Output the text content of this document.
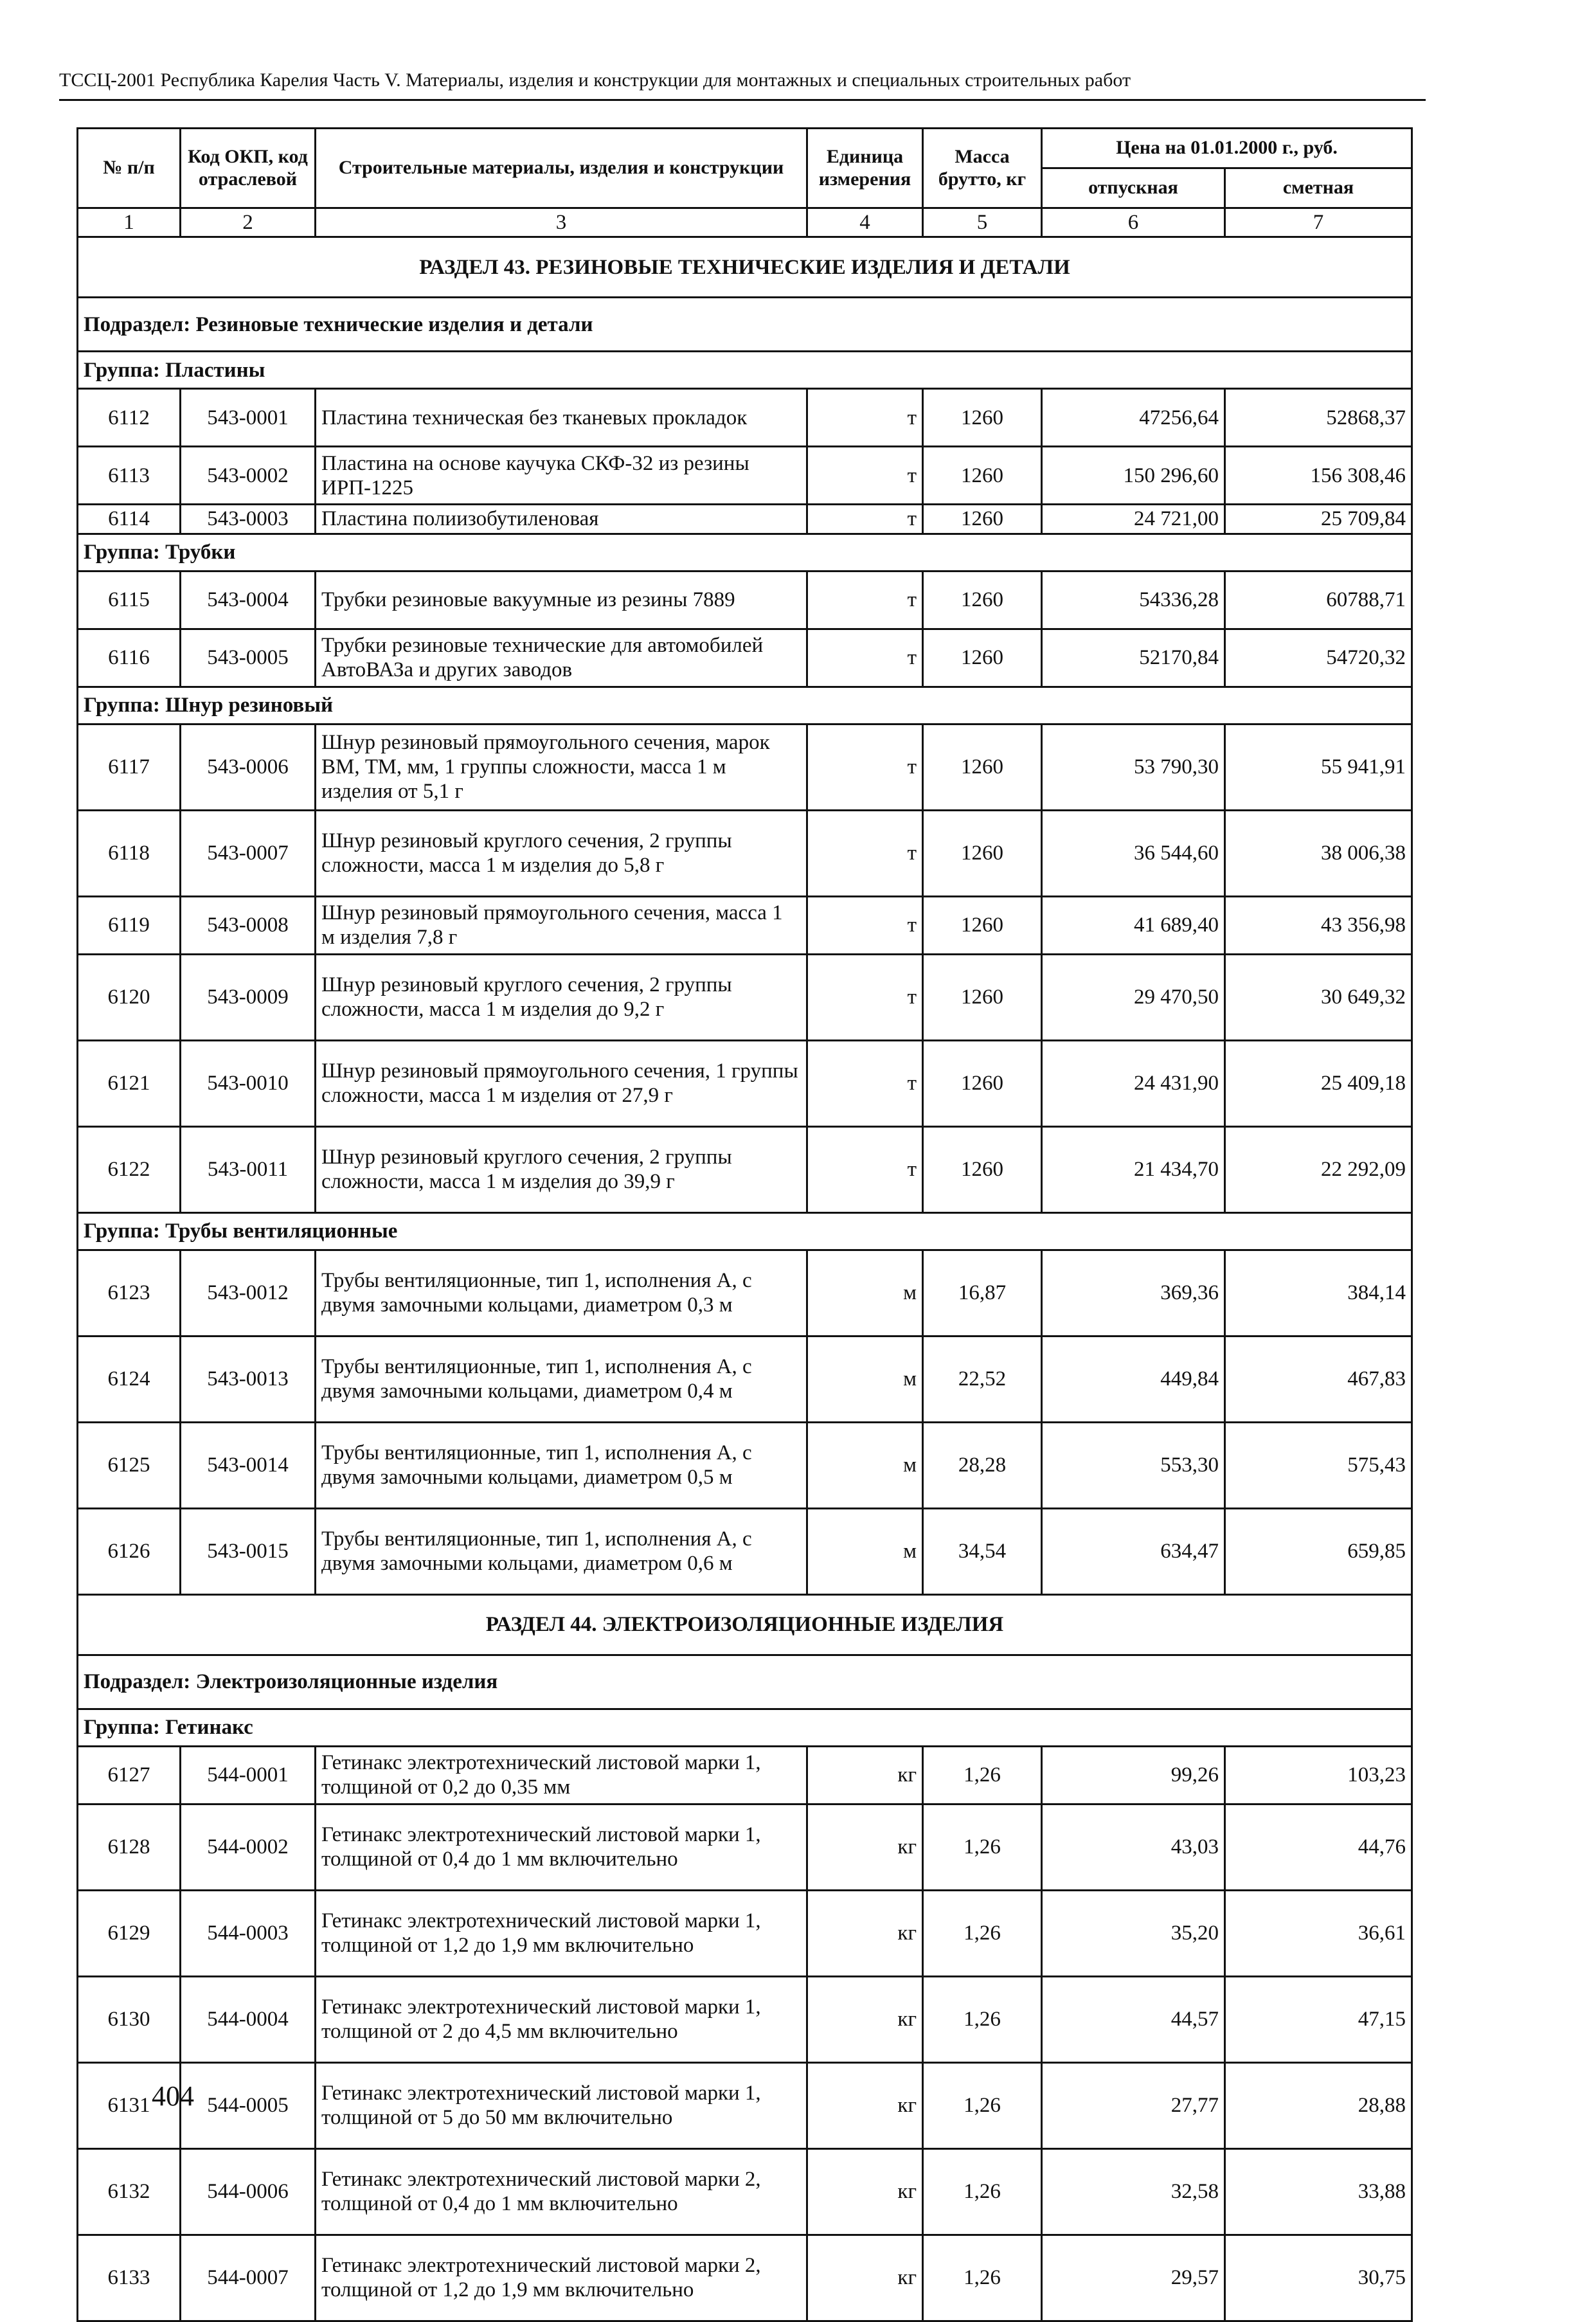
ТССЦ-2001 Республика Карелия Часть V. Материалы, изделия и конструкции для монтажных и специальных строительных работ
№ п/п	Код ОКП, код отраслевой	Строительные материалы, изделия и конструкции	Единица измерения	Масса брутто, кг	Цена на 01.01.2000 г., руб.	
					отпускная	сметная
1	2	3	4	5	6	7
РАЗДЕЛ 43. РЕЗИНОВЫЕ ТЕХНИЧЕСКИЕ ИЗДЕЛИЯ И ДЕТАЛИ						
Подраздел: Резиновые технические изделия и детали						
Группа: Пластины						
6112	543-0001	Пластина техническая без тканевых прокладок	т	1260	47256,64	52868,37
6113	543-0002	Пластина на основе каучука СКФ-32 из резины ИРП-1225	т	1260	150 296,60	156 308,46
6114	543-0003	Пластина полиизобутиленовая	т	1260	24 721,00	25 709,84
Группа: Трубки						
6115	543-0004	Трубки резиновые вакуумные из резины 7889	т	1260	54336,28	60788,71
6116	543-0005	Трубки резиновые технические для автомобилей АвтоВАЗа и других заводов	т	1260	52170,84	54720,32
Группа: Шнур резиновый						
6117	543-0006	Шнур резиновый прямоугольного сечения, марок ВМ, ТМ, мм, 1 группы сложности, масса 1 м изделия от 5,1 г	т	1260	53 790,30	55 941,91
6118	543-0007	Шнур резиновый круглого сечения, 2 группы сложности, масса 1 м изделия до 5,8 г	т	1260	36 544,60	38 006,38
6119	543-0008	Шнур резиновый прямоугольного сечения, масса 1 м изделия 7,8 г	т	1260	41 689,40	43 356,98
6120	543-0009	Шнур резиновый круглого сечения, 2 группы сложности, масса 1 м изделия до 9,2 г	т	1260	29 470,50	30 649,32
6121	543-0010	Шнур резиновый прямоугольного сечения, 1 группы сложности, масса 1 м изделия от 27,9 г	т	1260	24 431,90	25 409,18
6122	543-0011	Шнур резиновый круглого сечения, 2 группы сложности, масса 1 м изделия до 39,9 г	т	1260	21 434,70	22 292,09
Группа: Трубы вентиляционные						
6123	543-0012	Трубы вентиляционные, тип 1, исполнения А, с двумя замочными кольцами, диаметром 0,3 м	м	16,87	369,36	384,14
6124	543-0013	Трубы вентиляционные, тип 1, исполнения А, с двумя замочными кольцами, диаметром 0,4 м	м	22,52	449,84	467,83
6125	543-0014	Трубы вентиляционные, тип 1, исполнения А, с двумя замочными кольцами, диаметром 0,5 м	м	28,28	553,30	575,43
6126	543-0015	Трубы вентиляционные, тип 1, исполнения А, с двумя замочными кольцами, диаметром 0,6 м	м	34,54	634,47	659,85
РАЗДЕЛ 44. ЭЛЕКТРОИЗОЛЯЦИОННЫЕ ИЗДЕЛИЯ						
Подраздел: Электроизоляционные изделия						
Группа: Гетинакс						
6127	544-0001	Гетинакс электротехнический листовой марки 1, толщиной от 0,2 до 0,35 мм	кг	1,26	99,26	103,23
6128	544-0002	Гетинакс электротехнический листовой марки 1, толщиной от 0,4 до 1 мм включительно	кг	1,26	43,03	44,76
6129	544-0003	Гетинакс электротехнический листовой марки 1, толщиной от 1,2 до 1,9 мм включительно	кг	1,26	35,20	36,61
6130	544-0004	Гетинакс электротехнический листовой марки 1, толщиной от 2 до 4,5 мм включительно	кг	1,26	44,57	47,15
6131	544-0005	Гетинакс электротехнический листовой марки 1, толщиной от 5 до 50 мм включительно	кг	1,26	27,77	28,88
6132	544-0006	Гетинакс электротехнический листовой марки 2, толщиной от 0,4 до 1 мм включительно	кг	1,26	32,58	33,88
6133	544-0007	Гетинакс электротехнический листовой марки 2, толщиной от 1,2 до 1,9 мм включительно	кг	1,26	29,57	30,75
404
